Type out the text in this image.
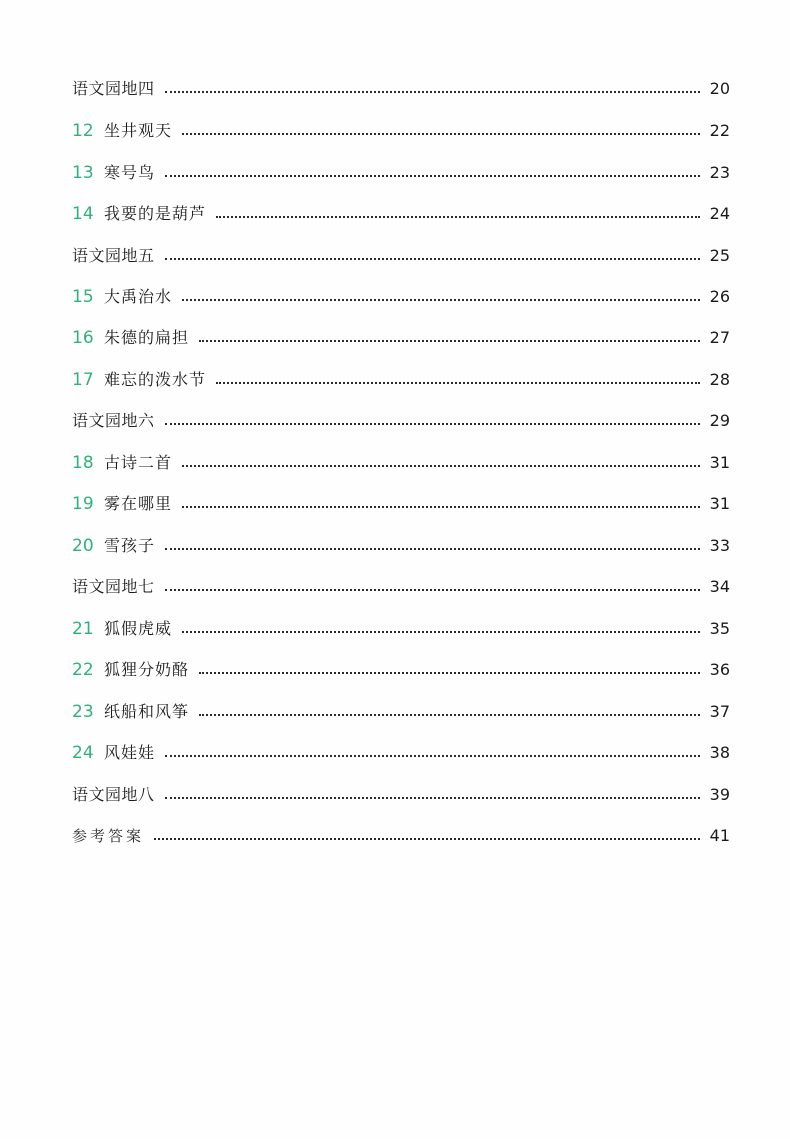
语文园地四	20
12 坐井观天	22
13 寒号鸟	23
14 我要的是葫芦	24
语文园地五	25
15 大禹治水	26
16 朱德的扁担	27
17 难忘的泼水节	28
语文园地六	29
18 古诗二首	31
19 雾在哪里	31
20 雪孩子	33
语文园地七	34
21 狐假虎威	35
22 狐狸分奶酪	36
23 纸船和风筝	37
24 风娃娃	38
语文园地八	39
参考答案	41
